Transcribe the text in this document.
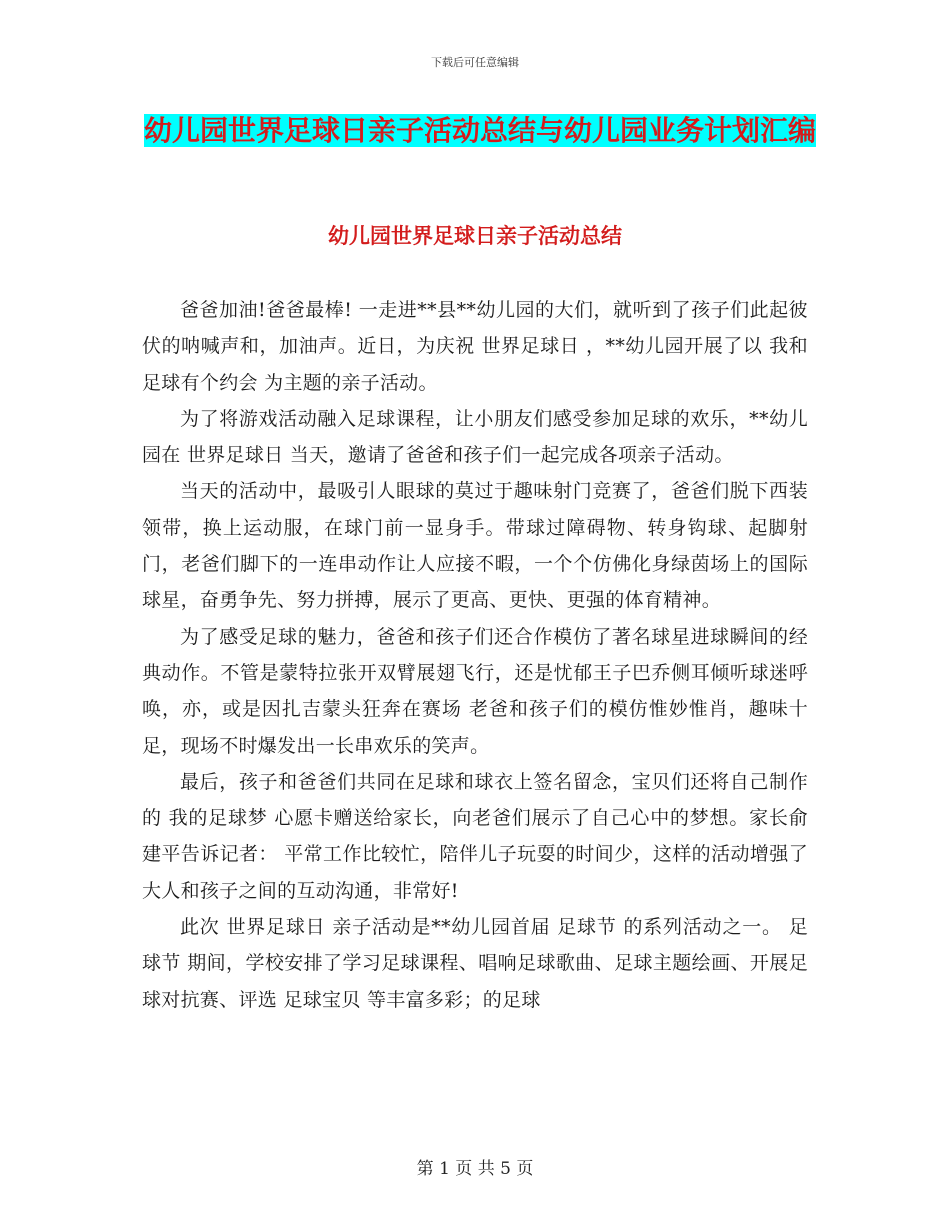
下载后可任意编辑
幼儿园世界足球日亲子活动总结与幼儿园业务计划汇编
幼儿园世界足球日亲子活动总结

爸爸加油!爸爸最棒! 一走进**县**幼儿园的大们，就听到了孩子们此起彼伏的呐喊声和，加油声。近日，为庆祝 世界足球日 ，**幼儿园开展了以 我和足球有个约会 为主题的亲子活动。

为了将游戏活动融入足球课程，让小朋友们感受参加足球的欢乐，**幼儿园在 世界足球日 当天，邀请了爸爸和孩子们一起完成各项亲子活动。

当天的活动中，最吸引人眼球的莫过于趣味射门竞赛了，爸爸们脱下西装领带，换上运动服，在球门前一显身手。带球过障碍物、转身钩球、起脚射门，老爸们脚下的一连串动作让人应接不暇，一个个仿佛化身绿茵场上的国际球星，奋勇争先、努力拼搏，展示了更高、更快、更强的体育精神。

为了感受足球的魅力，爸爸和孩子们还合作模仿了著名球星进球瞬间的经典动作。不管是蒙特拉张开双臂展翅飞行，还是忧郁王子巴乔侧耳倾听球迷呼唤，亦，或是因扎吉蒙头狂奔在赛场 老爸和孩子们的模仿惟妙惟肖，趣味十足，现场不时爆发出一长串欢乐的笑声。

最后，孩子和爸爸们共同在足球和球衣上签名留念，宝贝们还将自己制作的 我的足球梦 心愿卡赠送给家长，向老爸们展示了自己心中的梦想。家长俞建平告诉记者： 平常工作比较忙，陪伴儿子玩耍的时间少，这样的活动增强了大人和孩子之间的互动沟通，非常好!

此次 世界足球日 亲子活动是**幼儿园首届 足球节 的系列活动之一。 足球节 期间，学校安排了学习足球课程、唱响足球歌曲、足球主题绘画、开展足球对抗赛、评选 足球宝贝 等丰富多彩；的足球

第 1 页 共 5 页
